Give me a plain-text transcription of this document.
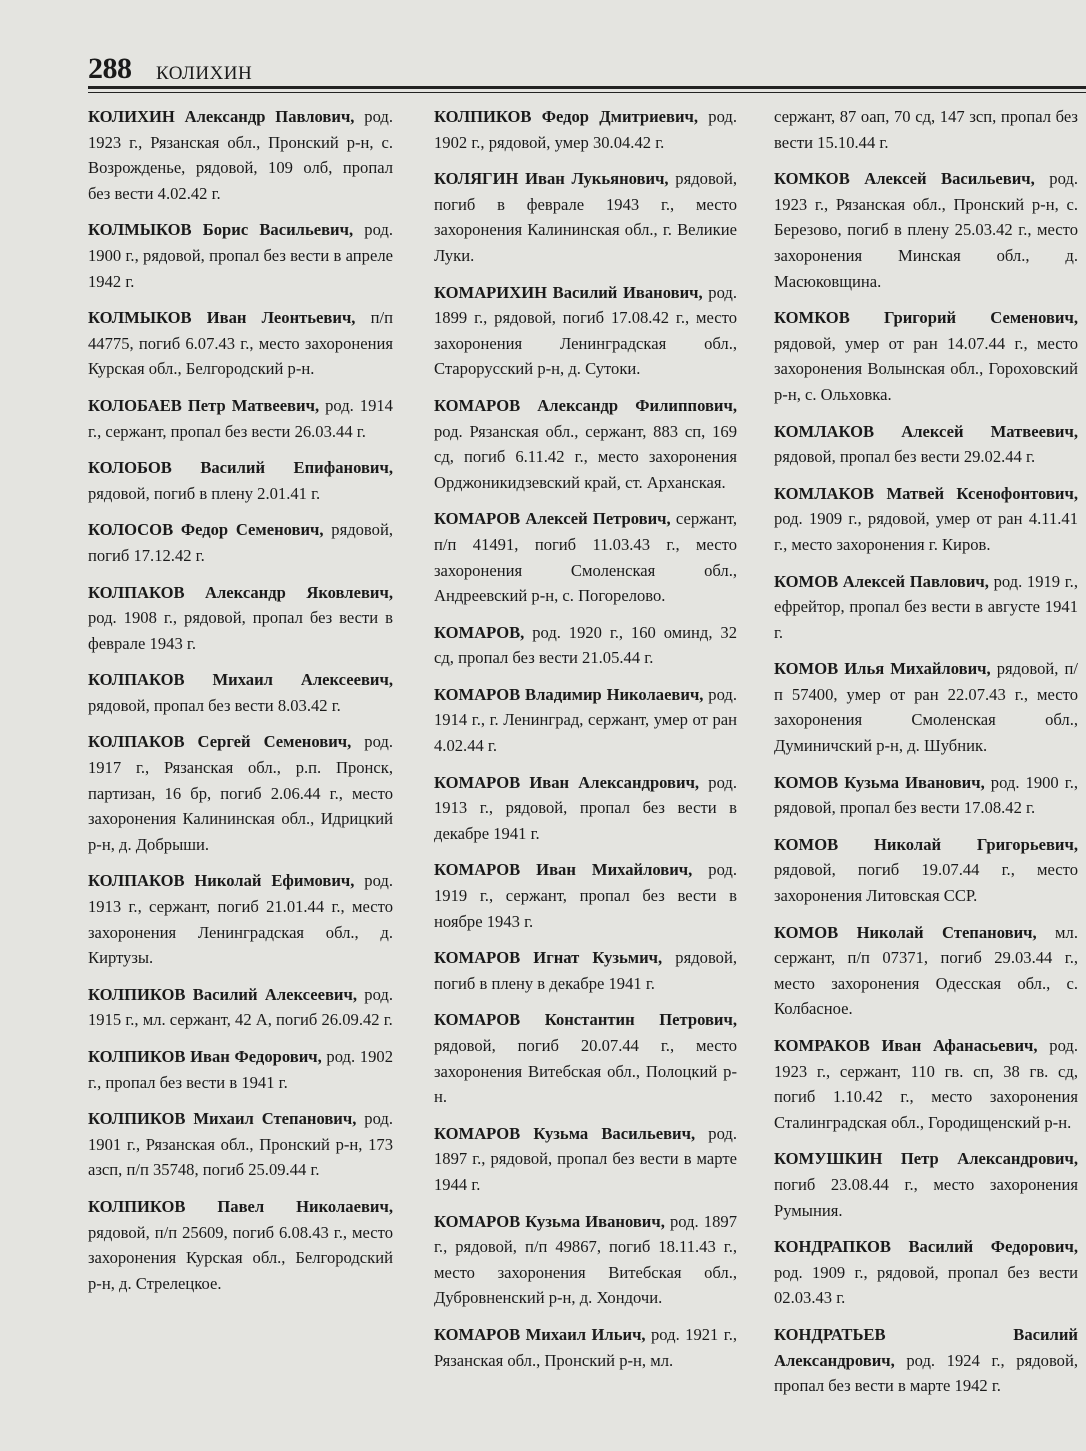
288 КОЛИХИН

КОЛИХИН Александр Павлович, род. 1923 г., Рязанская обл., Пронский р-н, с. Возрожденье, рядовой, 109 олб, пропал без вести 4.02.42 г.

КОЛМЫКОВ Борис Васильевич, род. 1900 г., рядовой, пропал без вести в апреле 1942 г.

КОЛМЫКОВ Иван Леонтьевич, п/п 44775, погиб 6.07.43 г., место захоронения Курская обл., Белгородский р-н.

КОЛОБАЕВ Петр Матвеевич, род. 1914 г., сержант, пропал без вести 26.03.44 г.

КОЛОБОВ Василий Епифанович, рядовой, погиб в плену 2.01.41 г.

КОЛОСОВ Федор Семенович, рядовой, погиб 17.12.42 г.

КОЛПАКОВ Александр Яковлевич, род. 1908 г., рядовой, пропал без вести в феврале 1943 г.

КОЛПАКОВ Михаил Алексеевич, рядовой, пропал без вести 8.03.42 г.

КОЛПАКОВ Сергей Семенович, род. 1917 г., Рязанская обл., р.п. Пронск, партизан, 16 бр, погиб 2.06.44 г., место захоронения Калининская обл., Идрицкий р-н, д. Добрыши.

КОЛПАКОВ Николай Ефимович, род. 1913 г., сержант, погиб 21.01.44 г., место захоронения Ленинградская обл., д. Киртузы.

КОЛПИКОВ Василий Алексеевич, род. 1915 г., мл. сержант, 42 А, погиб 26.09.42 г.

КОЛПИКОВ Иван Федорович, род. 1902 г., пропал без вести в 1941 г.

КОЛПИКОВ Михаил Степанович, род. 1901 г., Рязанская обл., Пронский р-н, 173 азсп, п/п 35748, погиб 25.09.44 г.

КОЛПИКОВ Павел Николаевич, рядовой, п/п 25609, погиб 6.08.43 г., место захоронения Курская обл., Белгородский р-н, д. Стрелецкое.

КОЛПИКОВ Федор Дмитриевич, род. 1902 г., рядовой, умер 30.04.42 г.

КОЛЯГИН Иван Лукьянович, рядовой, погиб в феврале 1943 г., место захоронения Калининская обл., г. Великие Луки.

КОМАРИХИН Василий Иванович, род. 1899 г., рядовой, погиб 17.08.42 г., место захоронения Ленинградская обл., Старорусский р-н, д. Сутоки.

КОМАРОВ Александр Филиппович, род. Рязанская обл., сержант, 883 сп, 169 сд, погиб 6.11.42 г., место захоронения Орджоникидзевский край, ст. Арханская.

КОМАРОВ Алексей Петрович, сержант, п/п 41491, погиб 11.03.43 г., место захоронения Смоленская обл., Андреевский р-н, с. Погорелово.

КОМАРОВ, род. 1920 г., 160 оминд, 32 сд, пропал без вести 21.05.44 г.

КОМАРОВ Владимир Николаевич, род. 1914 г., г. Ленинград, сержант, умер от ран 4.02.44 г.

КОМАРОВ Иван Александрович, род. 1913 г., рядовой, пропал без вести в декабре 1941 г.

КОМАРОВ Иван Михайлович, род. 1919 г., сержант, пропал без вести в ноябре 1943 г.

КОМАРОВ Игнат Кузьмич, рядовой, погиб в плену в декабре 1941 г.

КОМАРОВ Константин Петрович, рядовой, погиб 20.07.44 г., место захоронения Витебская обл., Полоцкий р-н.

КОМАРОВ Кузьма Васильевич, род. 1897 г., рядовой, пропал без вести в марте 1944 г.

КОМАРОВ Кузьма Иванович, род. 1897 г., рядовой, п/п 49867, погиб 18.11.43 г., место захоронения Витебская обл., Дубровненский р-н, д. Хондочи.

КОМАРОВ Михаил Ильич, род. 1921 г., Рязанская обл., Пронский р-н, мл.

сержант, 87 оап, 70 сд, 147 зсп, пропал без вести 15.10.44 г.

КОМКОВ Алексей Васильевич, род. 1923 г., Рязанская обл., Пронский р-н, с. Березово, погиб в плену 25.03.42 г., место захоронения Минская обл., д. Масюковщина.

КОМКОВ Григорий Семенович, рядовой, умер от ран 14.07.44 г., место захоронения Волынская обл., Гороховский р-н, с. Ольховка.

КОМЛАКОВ Алексей Матвеевич, рядовой, пропал без вести 29.02.44 г.

КОМЛАКОВ Матвей Ксенофонтович, род. 1909 г., рядовой, умер от ран 4.11.41 г., место захоронения г. Киров.

КОМОВ Алексей Павлович, род. 1919 г., ефрейтор, пропал без вести в августе 1941 г.

КОМОВ Илья Михайлович, рядовой, п/п 57400, умер от ран 22.07.43 г., место захоронения Смоленская обл., Думиничский р-н, д. Шубник.

КОМОВ Кузьма Иванович, род. 1900 г., рядовой, пропал без вести 17.08.42 г.

КОМОВ Николай Григорьевич, рядовой, погиб 19.07.44 г., место захоронения Литовская ССР.

КОМОВ Николай Степанович, мл. сержант, п/п 07371, погиб 29.03.44 г., место захоронения Одесская обл., с. Колбасное.

КОМРАКОВ Иван Афанасьевич, род. 1923 г., сержант, 110 гв. сп, 38 гв. сд, погиб 1.10.42 г., место захоронения Сталинградская обл., Городищенский р-н.

КОМУШКИН Петр Александрович, погиб 23.08.44 г., место захоронения Румыния.

КОНДРАПКОВ Василий Федорович, род. 1909 г., рядовой, пропал без вести 02.03.43 г.

КОНДРАТЬЕВ Василий Александрович, род. 1924 г., рядовой, пропал без вести в марте 1942 г.
